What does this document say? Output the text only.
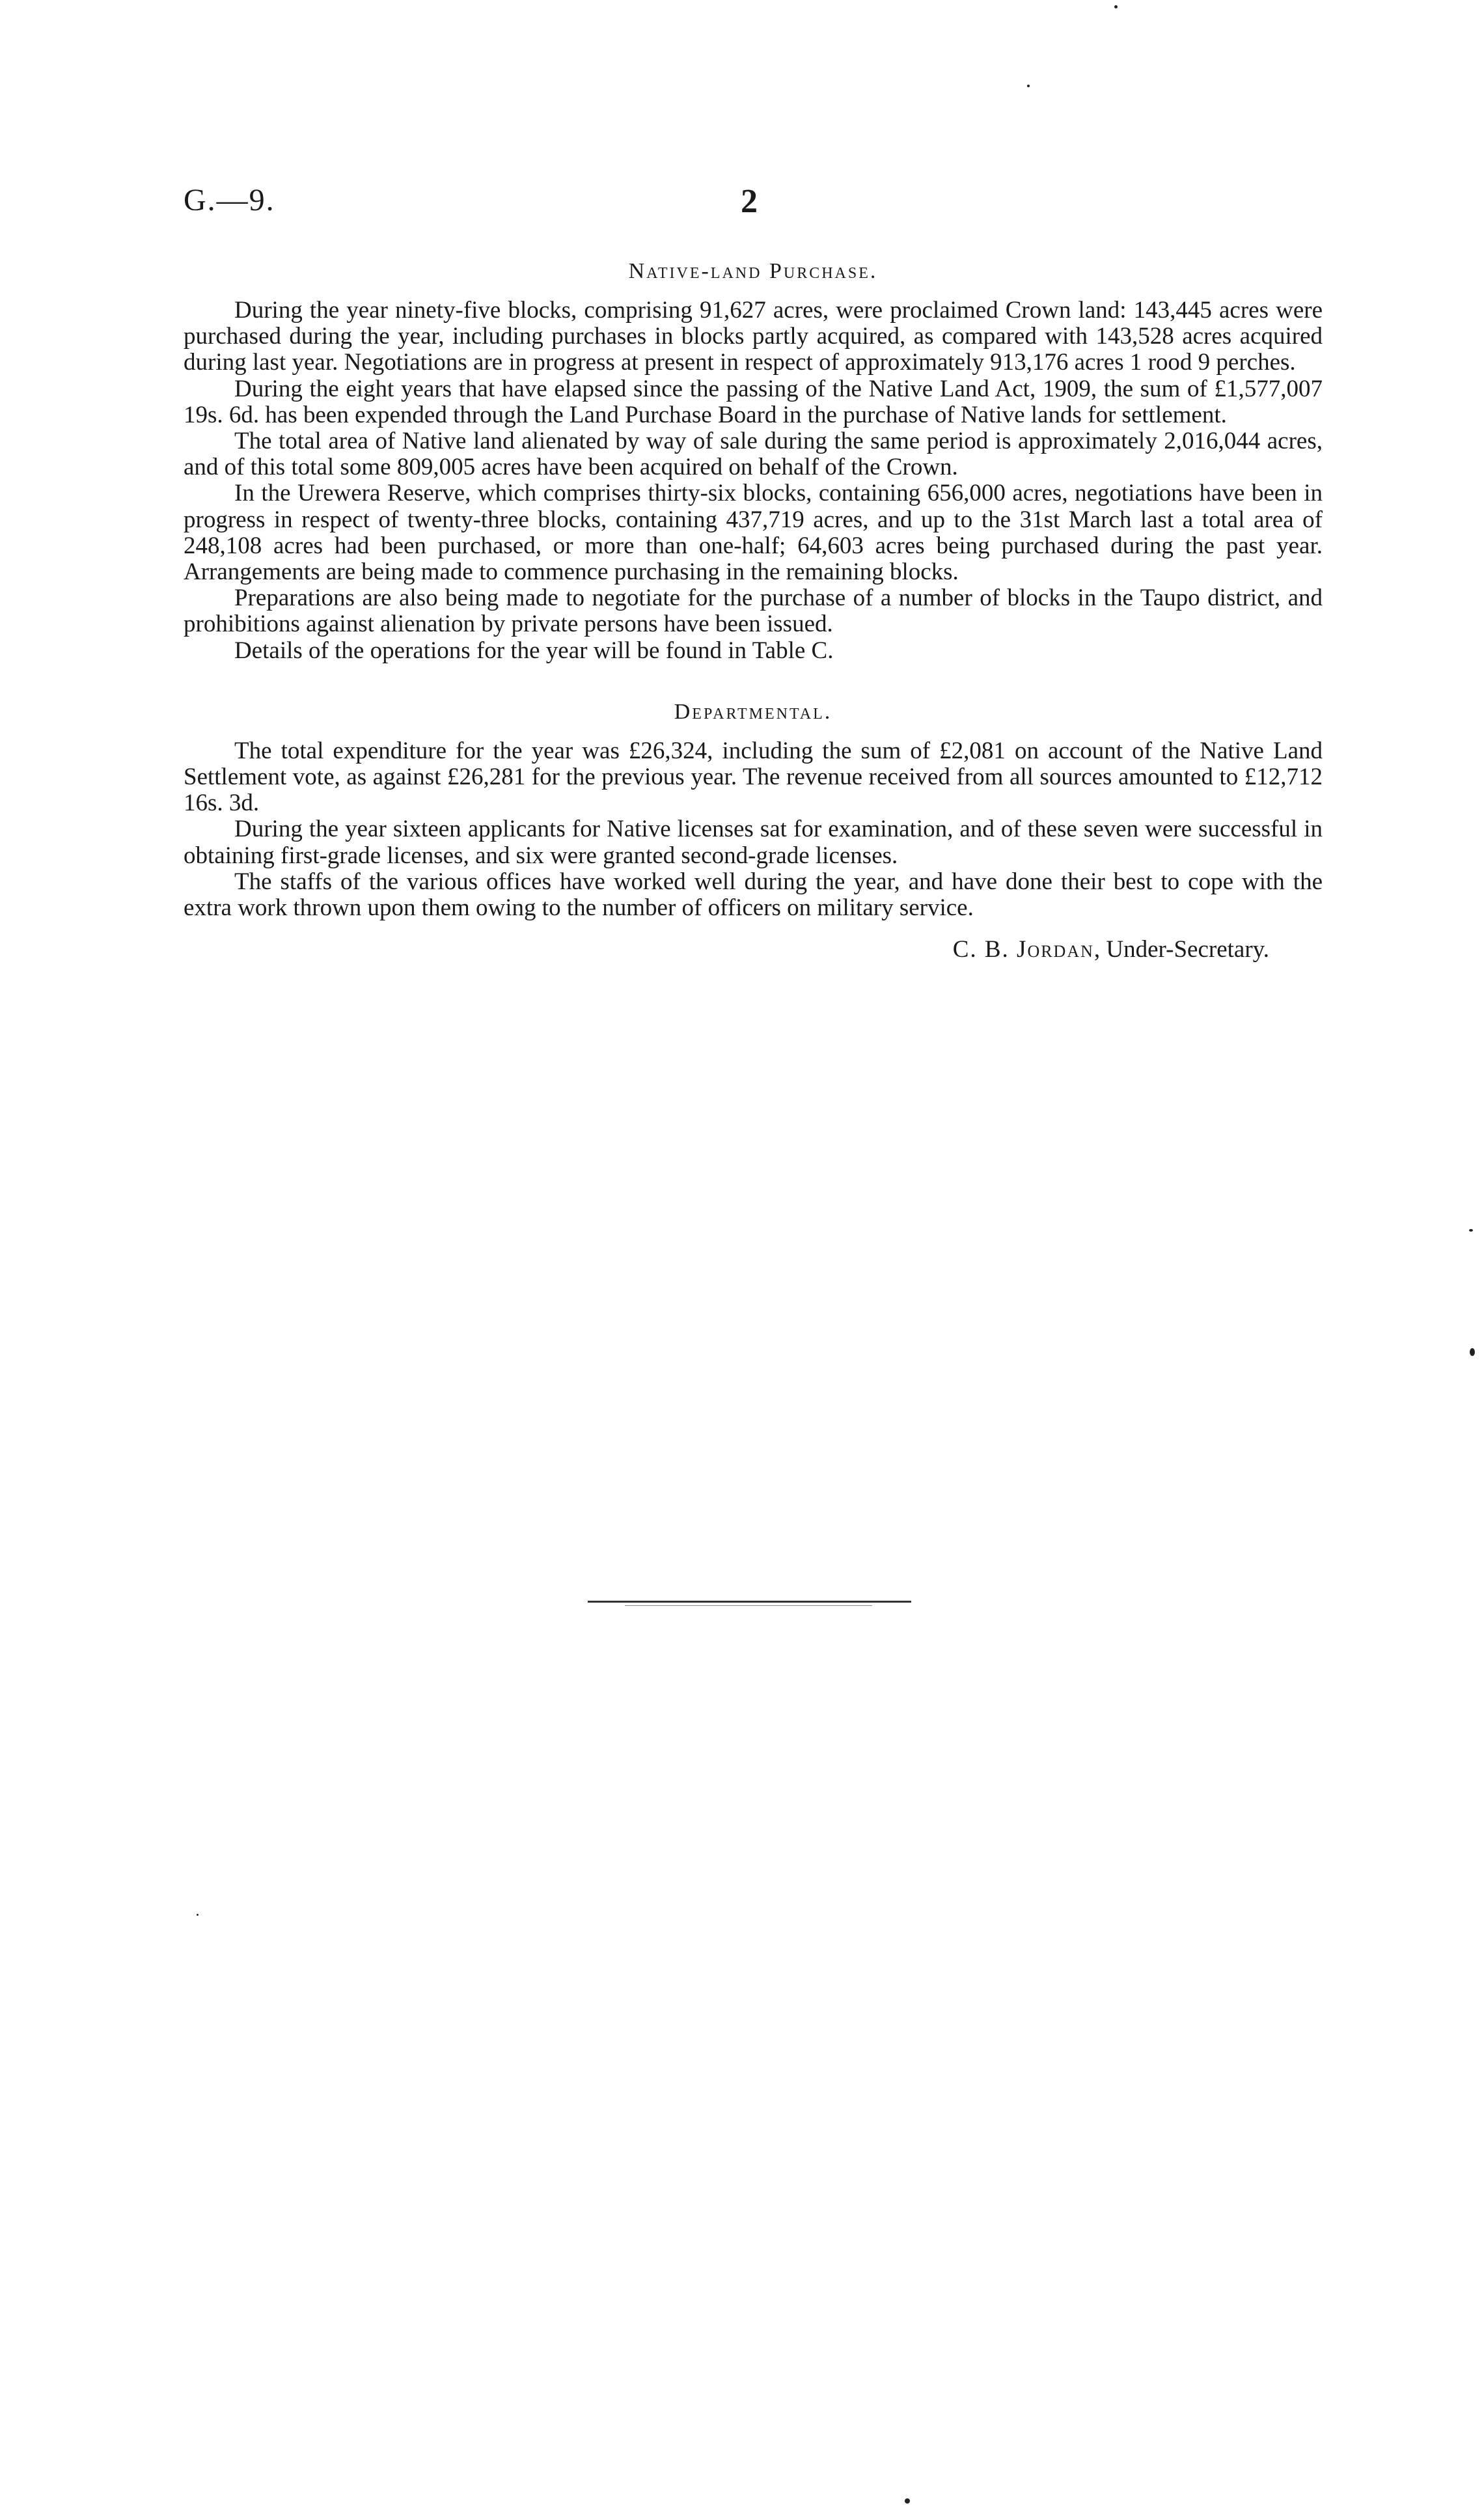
G.—9.	2
Native-land Purchase.

During the year ninety-five blocks, comprising 91,627 acres, were proclaimed Crown land: 143,445 acres were purchased during the year, including purchases in blocks partly acquired, as compared with 143,528 acres acquired during last year. Negotiations are in progress at present in respect of approximately 913,176 acres 1 rood 9 perches.

During the eight years that have elapsed since the passing of the Native Land Act, 1909, the sum of £1,577,007 19s. 6d. has been expended through the Land Purchase Board in the purchase of Native lands for settlement.

The total area of Native land alienated by way of sale during the same period is approximately 2,016,044 acres, and of this total some 809,005 acres have been acquired on behalf of the Crown.

In the Urewera Reserve, which comprises thirty-six blocks, containing 656,000 acres, negotiations have been in progress in respect of twenty-three blocks, containing 437,719 acres, and up to the 31st March last a total area of 248,108 acres had been purchased, or more than one-half; 64,603 acres being purchased during the past year. Arrangements are being made to commence purchasing in the remaining blocks.

Preparations are also being made to negotiate for the purchase of a number of blocks in the Taupo district, and prohibitions against alienation by private persons have been issued.

Details of the operations for the year will be found in Table C.

Departmental.

The total expenditure for the year was £26,324, including the sum of £2,081 on account of the Native Land Settlement vote, as against £26,281 for the previous year. The revenue received from all sources amounted to £12,712 16s. 3d.

During the year sixteen applicants for Native licenses sat for examination, and of these seven were successful in obtaining first-grade licenses, and six were granted second-grade licenses.

The staffs of the various offices have worked well during the year, and have done their best to cope with the extra work thrown upon them owing to the number of officers on military service.

C. B. Jordan, Under-Secretary.
